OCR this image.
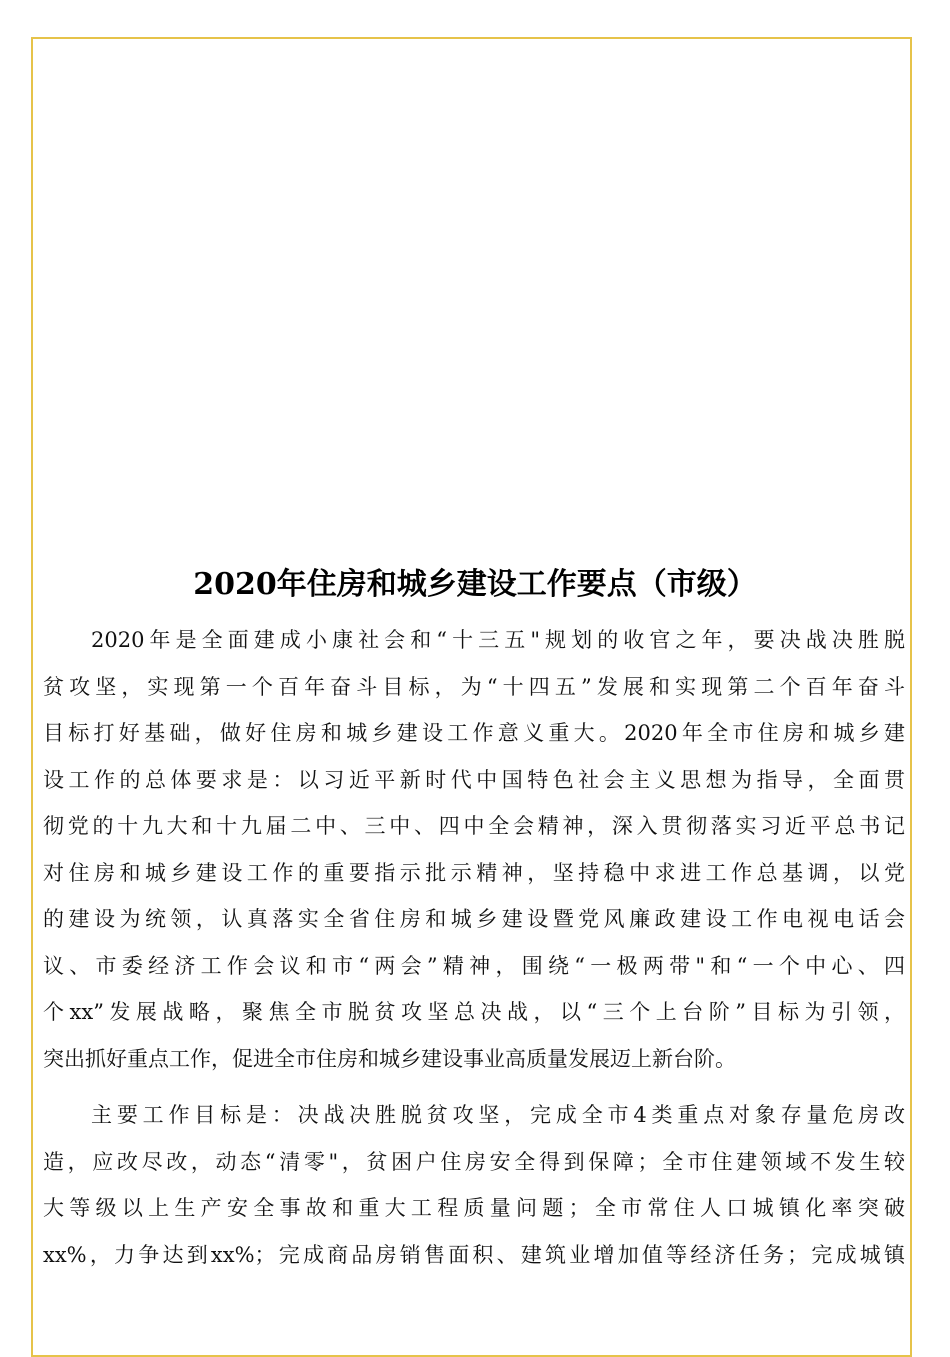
2020年住房和城乡建设工作要点（市级）

2020年是全面建成小康社会和“十三五"规划的收官之年，要决战决胜脱
贫攻坚，实现第一个百年奋斗目标，为“十四五”发展和实现第二个百年奋斗
目标打好基础，做好住房和城乡建设工作意义重大。2020年全市住房和城乡建
设工作的总体要求是：以习近平新时代中国特色社会主义思想为指导，全面贯
彻党的十九大和十九届二中、三中、四中全会精神，深入贯彻落实习近平总书记
对住房和城乡建设工作的重要指示批示精神，坚持稳中求进工作总基调，以党
的建设为统领，认真落实全省住房和城乡建设暨党风廉政建设工作电视电话会
议、市委经济工作会议和市“两会”精神，围绕“一极两带"和“一个中心、四
个xx”发展战略，聚焦全市脱贫攻坚总决战，以“三个上台阶”目标为引领，
突出抓好重点工作，促进全市住房和城乡建设事业高质量发展迈上新台阶。

主要工作目标是：决战决胜脱贫攻坚，完成全市4类重点对象存量危房改
造，应改尽改，动态“清零"，贫困户住房安全得到保障；全市住建领域不发生较
大等级以上生产安全事故和重大工程质量问题；全市常住人口城镇化率突破
xx%，力争达到xx%；完成商品房销售面积、建筑业增加值等经济任务；完成城镇
